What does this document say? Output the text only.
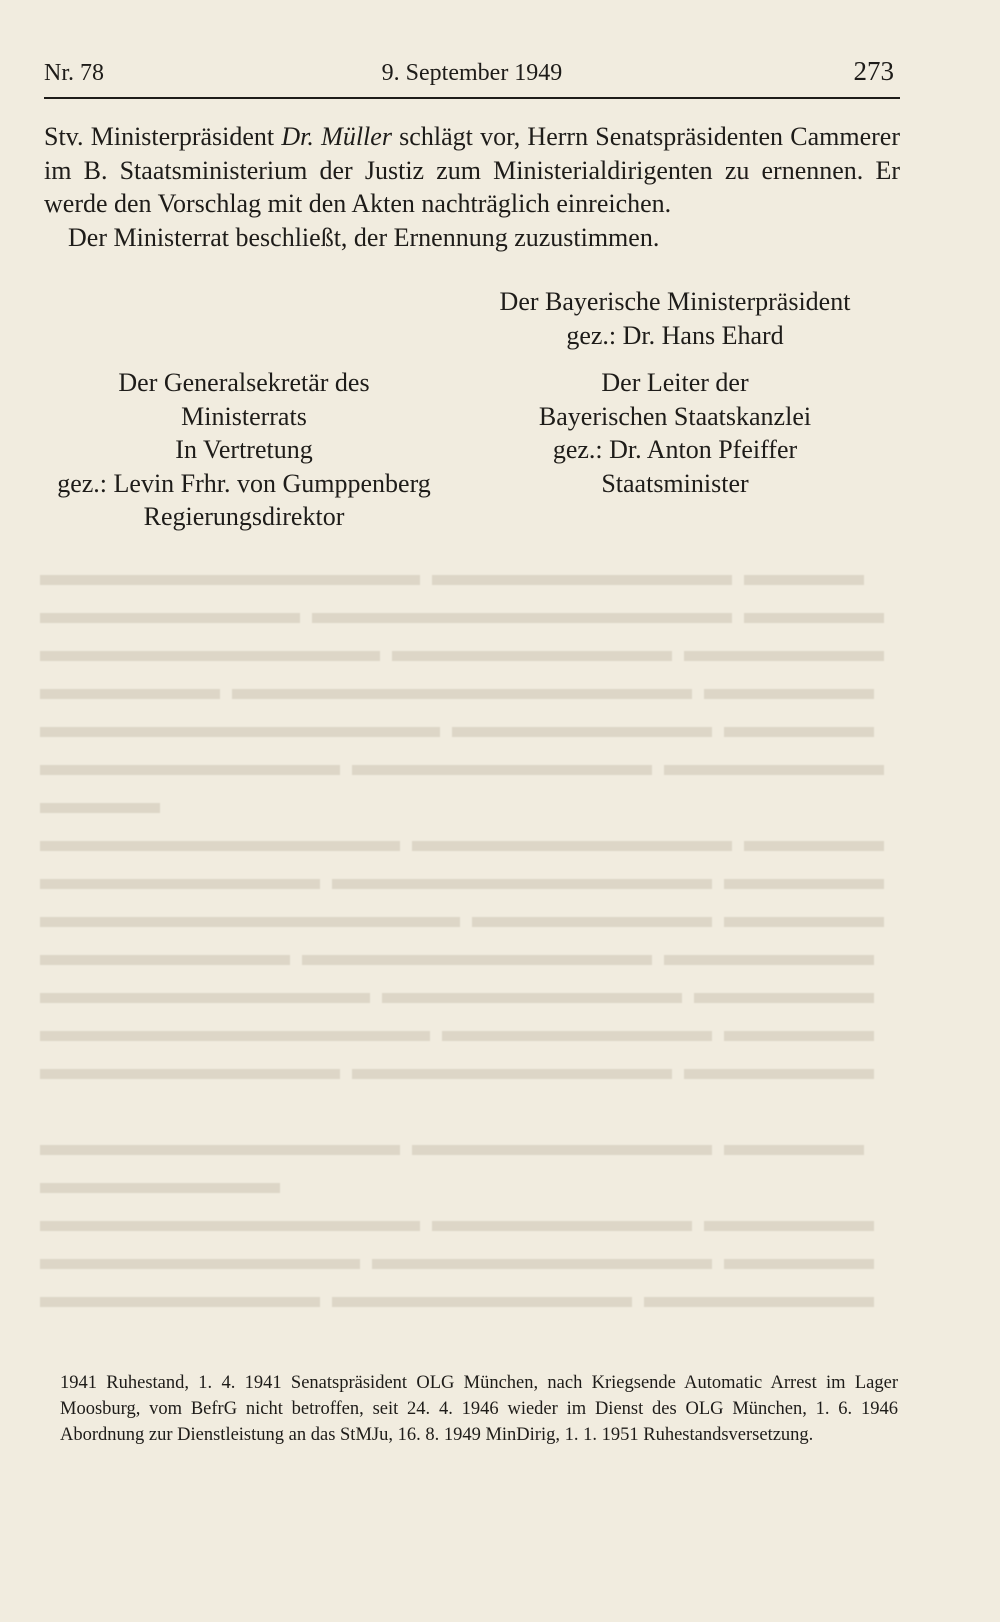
Nr. 78	9. September 1949	273

Stv. Ministerpräsident Dr. Müller schlägt vor, Herrn Senatspräsidenten Cammerer im B. Staatsministerium der Justiz zum Ministerialdirigenten zu ernennen. Er werde den Vorschlag mit den Akten nachträglich einreichen.

Der Ministerrat beschließt, der Ernennung zuzustimmen.

Der Bayerische Ministerpräsident
gez.: Dr. Hans Ehard
Der Generalsekretär des
Ministerrats
In Vertretung
gez.: Levin Frhr. von Gumppenberg
Regierungsdirektor
Der Leiter der
Bayerischen Staatskanzlei
gez.: Dr. Anton Pfeiffer
Staatsminister
1941 Ruhestand, 1. 4. 1941 Senatspräsident OLG München, nach Kriegsende Automatic Arrest im Lager Moosburg, vom BefrG nicht betroffen, seit 24. 4. 1946 wieder im Dienst des OLG München, 1. 6. 1946 Abordnung zur Dienstleistung an das StMJu, 16. 8. 1949 MinDirig, 1. 1. 1951 Ruhestandsversetzung.
